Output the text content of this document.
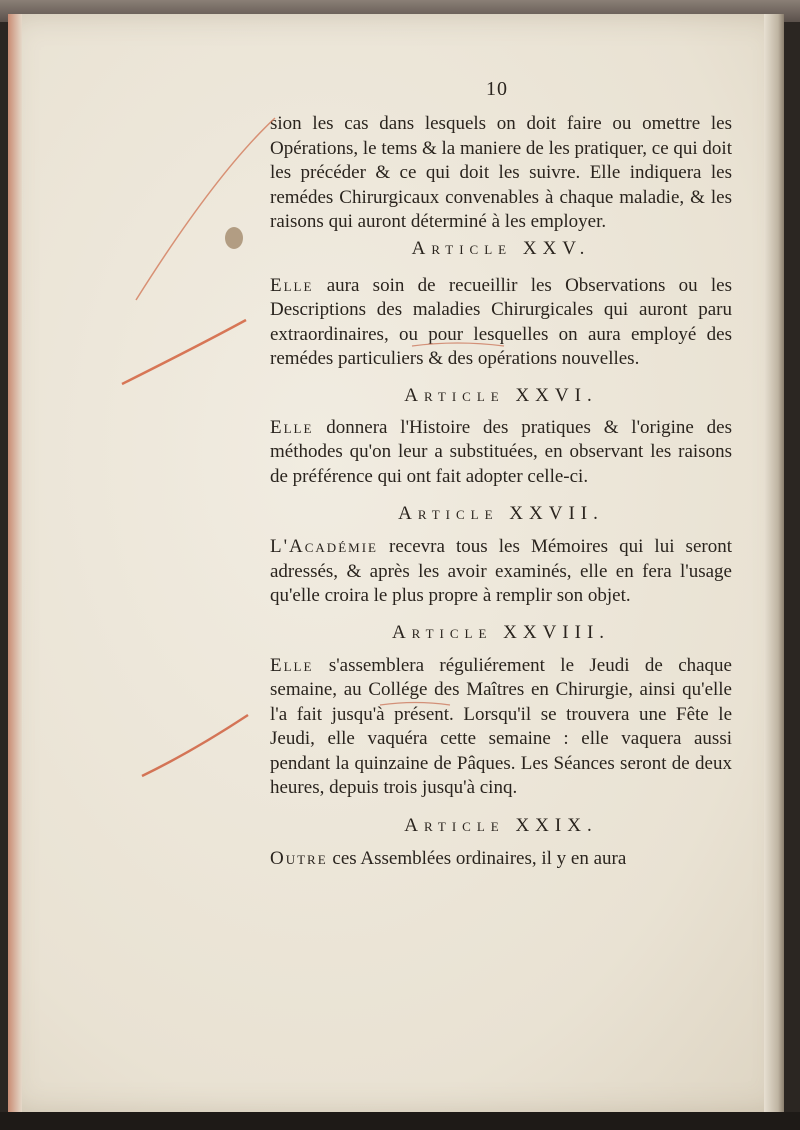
10

sion les cas dans lesquels on doit faire ou omettre les Opérations, le tems & la maniere de les pratiquer, ce qui doit les précéder & ce qui doit les suivre. Elle indiquera les remédes Chirurgicaux convenables à chaque maladie, & les raisons qui auront déterminé à les employer.

Article XXV.

Elle aura soin de recueillir les Observations ou les Descriptions des maladies Chirurgicales qui auront paru extraordinaires, ou pour lesquelles on aura employé des remédes particuliers & des opérations nouvelles.

Article XXVI.

Elle donnera l'Histoire des pratiques & l'origine des méthodes qu'on leur a substituées, en observant les raisons de préférence qui ont fait adopter celle-ci.

Article XXVII.

L'Académie recevra tous les Mémoires qui lui seront adressés, & après les avoir examinés, elle en fera l'usage qu'elle croira le plus propre à remplir son objet.

Article XXVIII.

Elle s'assemblera réguliérement le Jeudi de chaque semaine, au Collége des Maîtres en Chirurgie, ainsi qu'elle l'a fait jusqu'à présent. Lorsqu'il se trouvera une Fête le Jeudi, elle vaquéra cette semaine : elle vaquera aussi pendant la quinzaine de Pâques. Les Séances seront de deux heures, depuis trois jusqu'à cinq.

Article XXIX.

Outre ces Assemblées ordinaires, il y en aura
